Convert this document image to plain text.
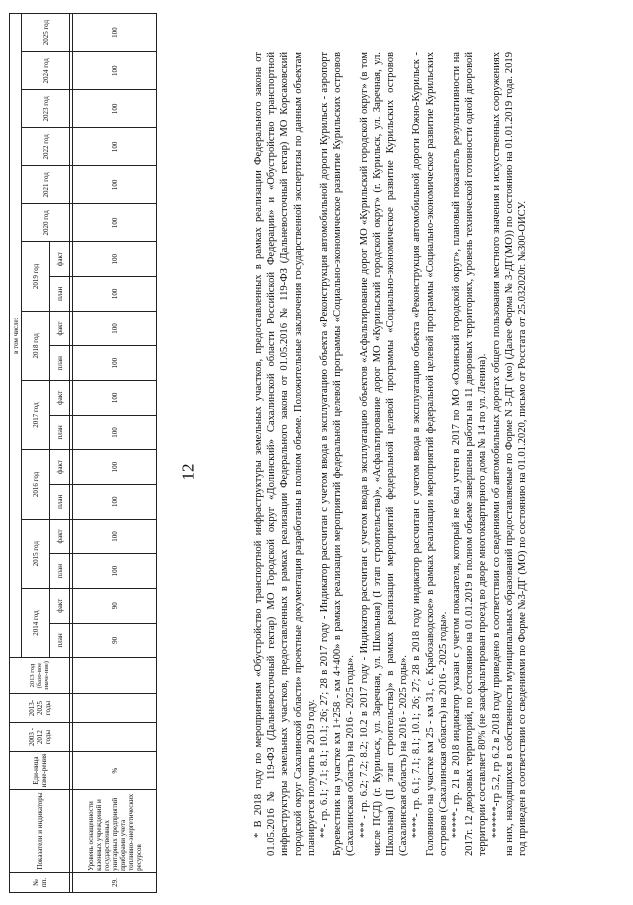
12
№ пп.	Показатели и индикаторы	Еди-ница изме-рения	2003 - 2012 годы	2013-2025 годы	2013 год (базо-вое значе-ние)	в том числе:																	
						2014 год		2015 год		2016 год		2017 год		2018 год		2019 год		2020 год	2021 год	2022 год	2023 год	2024 год	2025 год

						план	факт	план	факт	план	факт	план	факт	план	факт	план	факт						

29.	Уровень оснащенности казенных учреждений и государственных унитарных предприятий приборами учета топливно-энергетических ресурсов	%				90	90	100	100	100	100	100	100	100	100	100	100	100	100	100	100	100	100

* В 2018 году по мероприятиям «Обустройство транспортной инфраструктуры земельных участков, предоставленных в рамках реализации Федерального закона от 01.05.2016 № 119-ФЗ (Дальневосточный гектар) МО Городской округ «Долинский» Сахалинской области Российской Федерации» и «Обустройство транспортной инфраструктуры земельных участков, предоставленных в рамках реализации Федерального закона от 01.05.2016 № 119-ФЗ (Дальневосточный гектар) МО Корсаковский городской округ Сахалинской области» проектные документация разработаны в полном объеме. Положительные заключения государственной экспертизы по данным объектам планируется получить в 2019 году. **- гр. 6.1; 7.1; 8.1; 10.1; 26; 27; 28 в 2017 году - Индикатор рассчитан с учетом ввода в эксплуатацию объекта «Реконструкция автомобильной дороги Курильск - аэропорт Буревестник на участке км 1+258 - км 4+400» в рамках реализации мероприятий федеральной целевой программы «Социально-экономическое развитие Курильских островов (Сахалинская область) на 2016 - 2025 годы». *** - гр. 6.2; 7.2; 8.2; 10.2 в 2017 году - Индикатор рассчитан с учетом ввода в эксплуатацию объектов «Асфальтирование дорог МО «Курильский городской округ» (в том числе ПСД) (г. Курильск, ул. Заречная, ул. Школьная) (I этап строительства)», «Асфальтирование дорог МО «Курильский городской округ» (г. Курильск, ул. Заречная, ул. Школьная) (II этап строительства)» в рамках реализации мероприятий федеральной целевой программы «Социально-экономическое развитие Курильских островов (Сахалинская область) на 2016 - 2025 годы». ****- гр. 6.1; 7.1; 8.1; 10.1; 26; 27; 28 в 2018 году индикатор рассчитан с учетом ввода в эксплуатацию объекта «Реконструкция автомобильной дороги Южно-Курильск - Головнино на участке км 25 - км 31, с. Крабозаводское» в рамках реализации мероприятий федеральной целевой программы «Социально-экономическое развитие Курильских островов (Сахалинская область) на 2016 - 2025 годы». *****- гр. 21 в 2018 индикатор указан с учетом показателя, который не был учтен в 2017 по МО «Охинский городской округ», плановый показатель результативности на 2017г. 12 дворовых территорий, по состоянию на 01.01.2019 в полном объеме завершены работы на 11 дворовых территориях, уровень технической готовности одной дворовой территории составляет 80% (не заасфальтирован проезд во дворе многоквартирного дома № 14 по ул. Ленина). ******-гр 5.2, гр 6.2 в 2018 году приведено в соответствии со сведениями об автомобильных дорогах общего пользования местного значения и искусственных сооружениях на них, находящихся в собственности муниципальных образований предоставляемые по Форме N 3-ДГ (мо) (Далее Форма № 3-ДГ(МО)) по состоянию на 01.01.2019 года. 2019 год приведен в соответствии со сведениями по Форме №3-ДГ (МО) по состоянию на 01.01.2020, письмо от Росстата от 25.032020г. №300-ОИСУ.
